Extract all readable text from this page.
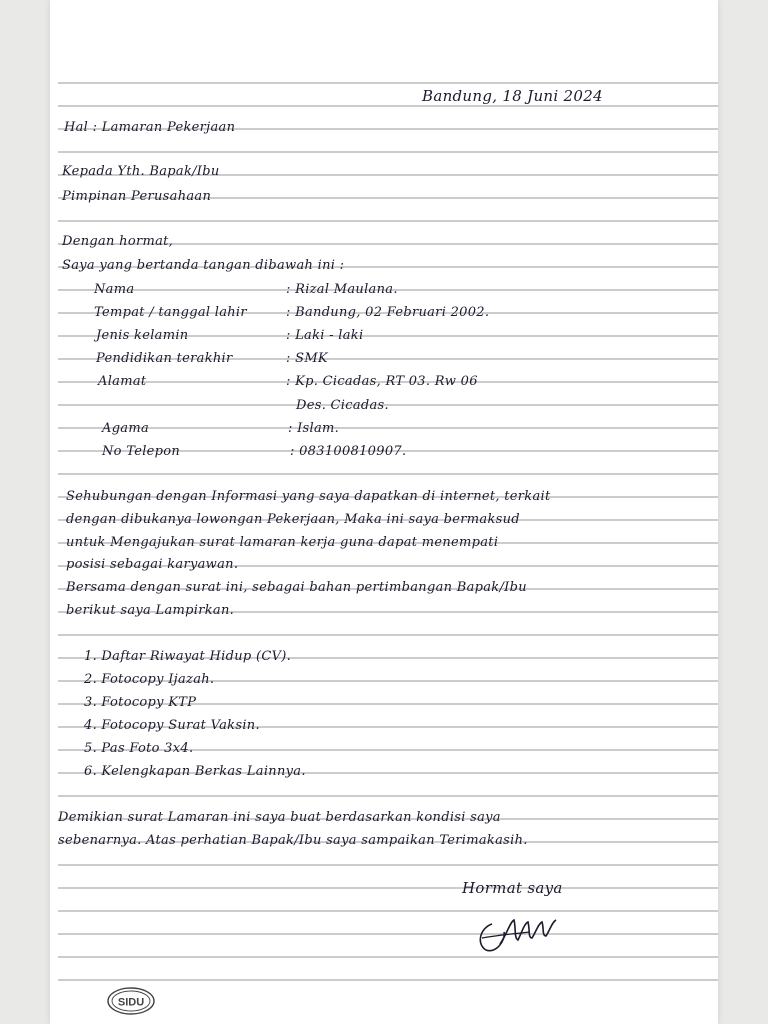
Bandung, 18 Juni 2024
Hal : Lamaran Pekerjaan
Kepada Yth. Bapak/Ibu
Pimpinan Perusahaan
Dengan hormat,
Saya yang bertanda tangan dibawah ini :
Nama	: Rizal Maulana.
Tempat / tanggal lahir	: Bandung, 02 Februari 2002.
Jenis kelamin	: Laki - laki
Pendidikan terakhir	: SMK
Alamat	: Kp. Cicadas, RT 03. Rw 06
Des. Cicadas.
Agama	: Islam.
No Telepon	: 083100810907.
Sehubungan dengan Informasi yang saya dapatkan di internet, terkait
dengan dibukanya lowongan Pekerjaan, Maka ini saya bermaksud
untuk Mengajukan surat lamaran kerja guna dapat menempati
posisi sebagai karyawan.
Bersama dengan surat ini, sebagai bahan pertimbangan Bapak/Ibu
berikut saya Lampirkan.
1. Daftar Riwayat Hidup (CV).
2. Fotocopy Ijazah.
3. Fotocopy KTP
4. Fotocopy Surat Vaksin.
5. Pas Foto 3x4.
6. Kelengkapan Berkas Lainnya.
Demikian surat Lamaran ini saya buat berdasarkan kondisi saya
sebenarnya. Atas perhatian Bapak/Ibu saya sampaikan Terimakasih.
Hormat saya
SIDU
